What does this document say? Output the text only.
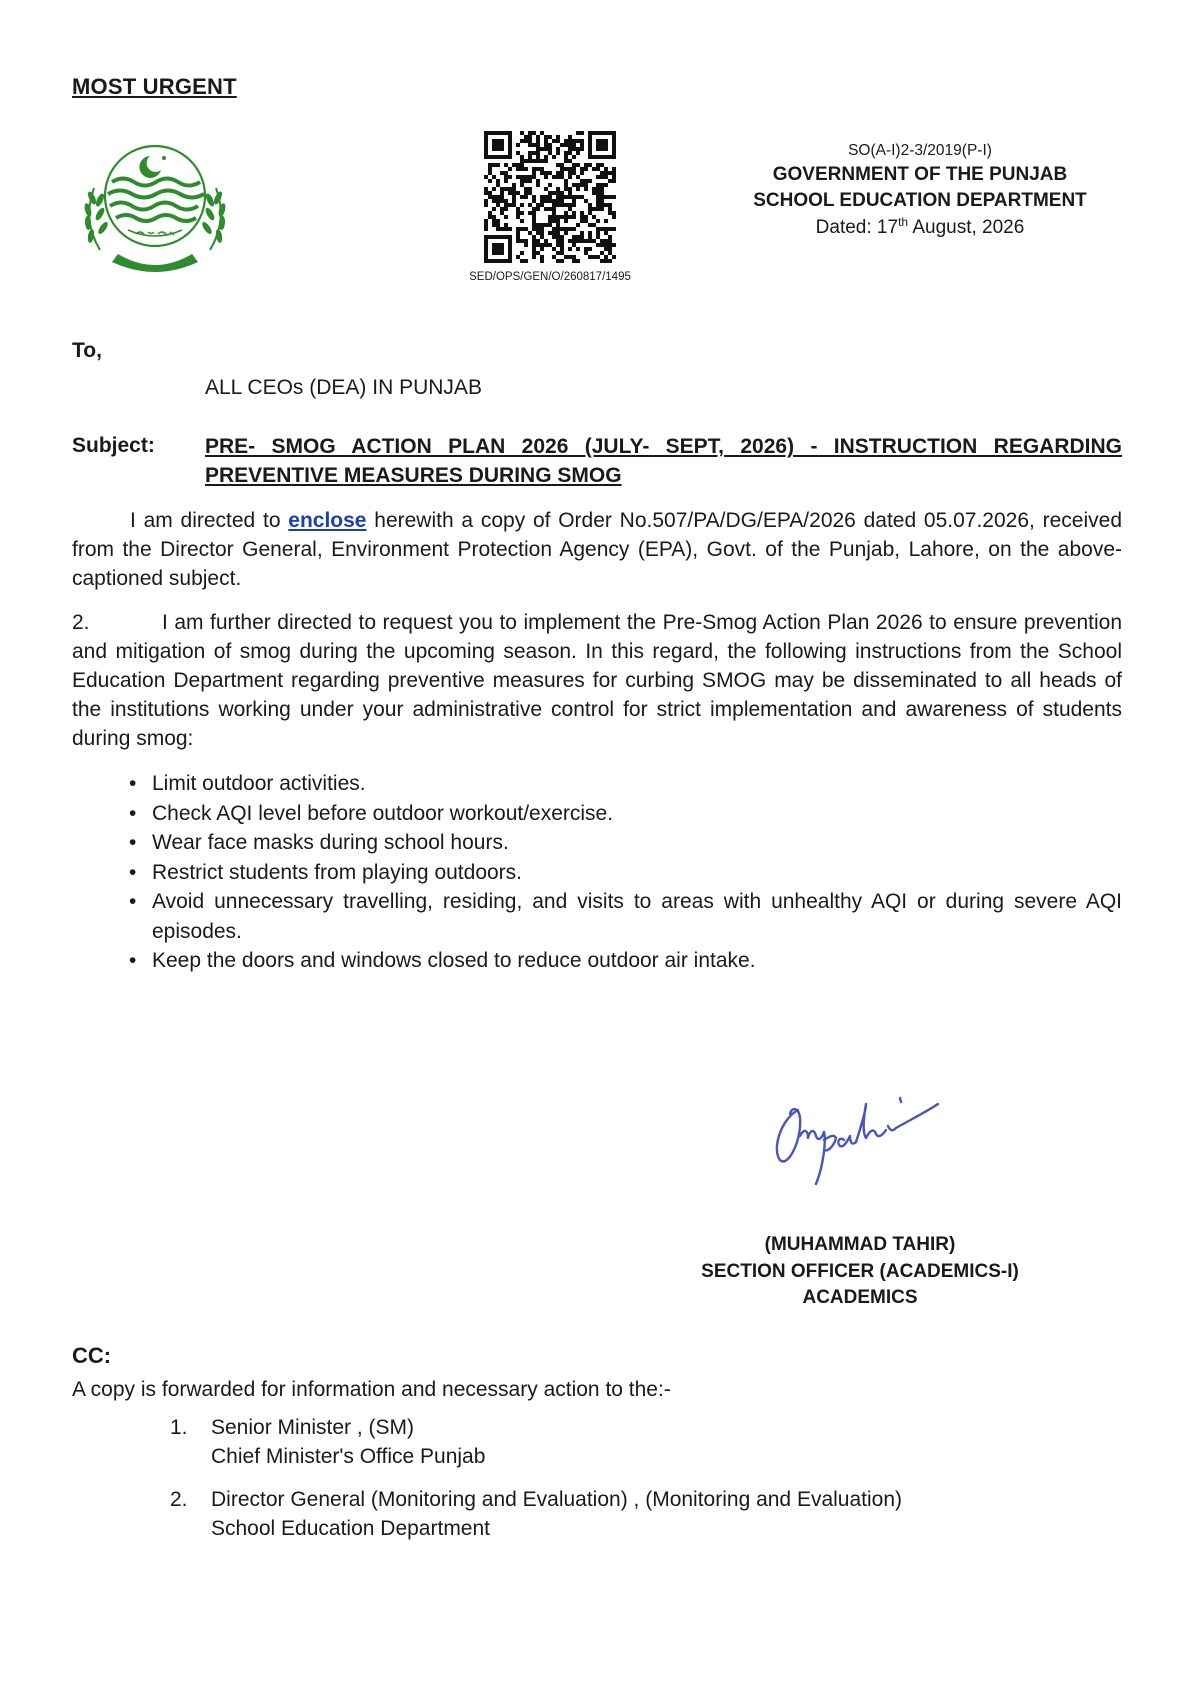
MOST URGENT
SED/OPS/GEN/O/260817/1495
SO(A-I)2-3/2019(P-I)
GOVERNMENT OF THE PUNJAB
SCHOOL EDUCATION DEPARTMENT
Dated: 17th August, 2026
To,
ALL CEOs (DEA) IN PUNJAB
Subject: PRE- SMOG ACTION PLAN 2026 (JULY- SEPT, 2026) - INSTRUCTION REGARDING PREVENTIVE MEASURES DURING SMOG
I am directed to enclose herewith a copy of Order No.507/PA/DG/EPA/2026 dated 05.07.2026, received from the Director General, Environment Protection Agency (EPA), Govt. of the Punjab, Lahore, on the above-captioned subject.
2.	I am further directed to request you to implement the Pre-Smog Action Plan 2026 to ensure prevention and mitigation of smog during the upcoming season. In this regard, the following instructions from the School Education Department regarding preventive measures for curbing SMOG may be disseminated to all heads of the institutions working under your administrative control for strict implementation and awareness of students during smog:
• Limit outdoor activities.
• Check AQI level before outdoor workout/exercise.
• Wear face masks during school hours.
• Restrict students from playing outdoors.
• Avoid unnecessary travelling, residing, and visits to areas with unhealthy AQI or during severe AQI episodes.
• Keep the doors and windows closed to reduce outdoor air intake.
(MUHAMMAD TAHIR)
SECTION OFFICER (ACADEMICS-I)
ACADEMICS
CC:
A copy is forwarded for information and necessary action to the:-
1. Senior Minister , (SM)
Chief Minister's Office Punjab
2. Director General (Monitoring and Evaluation) , (Monitoring and Evaluation)
School Education Department
